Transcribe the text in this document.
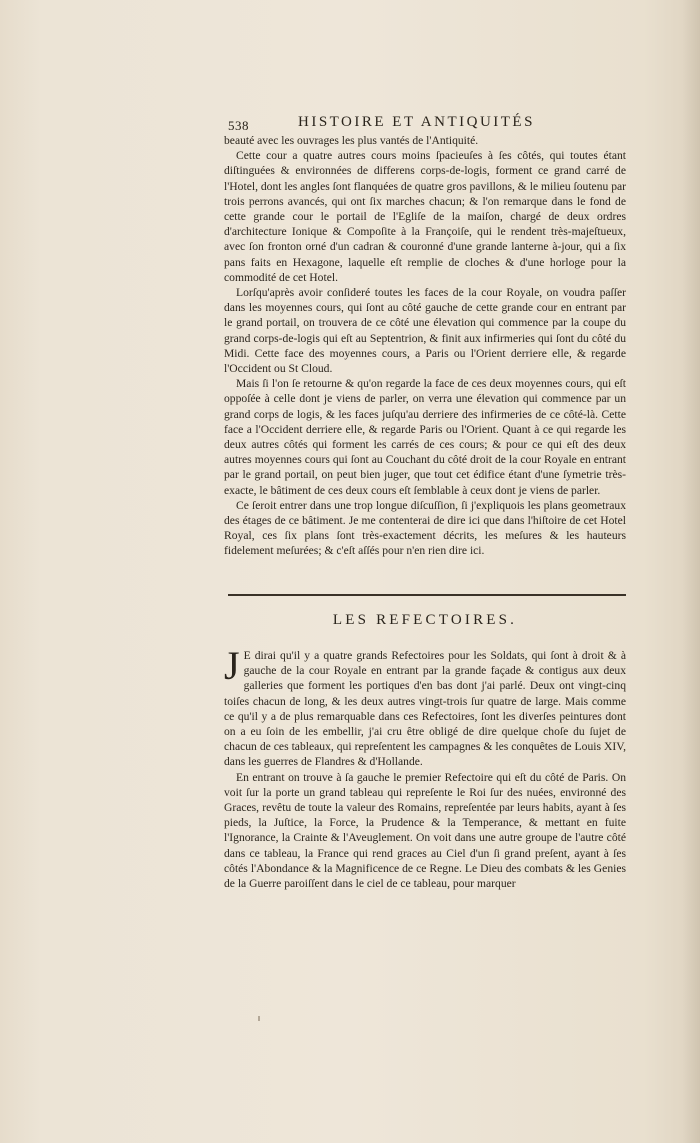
538	HISTOIRE ET ANTIQUITÉS

beauté avec les ouvrages les plus vantés de l'Antiquité.

Cette cour a quatre autres cours moins ſpacieuſes à ſes côtés, qui toutes étant diſtinguées & environnées de differens corps-de-logis, forment ce grand carré de l'Hotel, dont les angles ſont flanquées de quatre gros pavillons, & le milieu ſoutenu par trois perrons avancés, qui ont ſix marches chacun; & l'on remarque dans le fond de cette grande cour le portail de l'Egliſe de la maiſon, chargé de deux ordres d'architecture Ionique & Compoſite à la Françoiſe, qui le rendent très-majeſtueux, avec ſon fronton orné d'un cadran & couronné d'une grande lanterne à-jour, qui a ſix pans faits en Hexagone, laquelle eſt remplie de cloches & d'une horloge pour la commodité de cet Hotel.

Lorſqu'après avoir conſideré toutes les faces de la cour Royale, on voudra paſſer dans les moyennes cours, qui ſont au côté gauche de cette grande cour en entrant par le grand portail, on trouvera de ce côté une élevation qui commence par la coupe du grand corps-de-logis qui eſt au Septentrion, & finit aux infirmeries qui ſont du côté du Midi. Cette face des moyennes cours, a Paris ou l'Orient derriere elle, & regarde l'Occident ou St Cloud.

Mais ſi l'on ſe retourne & qu'on regarde la face de ces deux moyennes cours, qui eſt oppoſée à celle dont je viens de parler, on verra une élevation qui commence par un grand corps de logis, & les faces juſqu'au derriere des infirmeries de ce côté-là. Cette face a l'Occident derriere elle, & regarde Paris ou l'Orient. Quant à ce qui regarde les deux autres côtés qui forment les carrés de ces cours; & pour ce qui eſt des deux autres moyennes cours qui ſont au Couchant du côté droit de la cour Royale en entrant par le grand portail, on peut bien juger, que tout cet édifice étant d'une ſymetrie très-exacte, le bâtiment de ces deux cours eſt ſemblable à ceux dont je viens de parler.

Ce ſeroit entrer dans une trop longue diſcuſſion, ſi j'expliquois les plans geometraux des étages de ce bâtiment. Je me contenterai de dire ici que dans l'hiſtoire de cet Hotel Royal, ces ſix plans ſont très-exactement décrits, les meſures & les hauteurs fidelement meſurées; & c'eſt aſſés pour n'en rien dire ici.

LES REFECTOIRES.

J E dirai qu'il y a quatre grands Refectoires pour les Soldats, qui ſont à droit & à gauche de la cour Royale en entrant par la grande façade & contigus aux deux galleries que forment les portiques d'en bas dont j'ai parlé. Deux ont vingt-cinq toiſes chacun de long, & les deux autres vingt-trois ſur quatre de large. Mais comme ce qu'il y a de plus remarquable dans ces Refectoires, ſont les diverſes peintures dont on a eu ſoin de les embellir, j'ai cru être obligé de dire quelque choſe du ſujet de chacun de ces tableaux, qui repreſentent les campagnes & les conquêtes de Louis XIV, dans les guerres de Flandres & d'Hollande.

En entrant on trouve à ſa gauche le premier Refectoire qui eſt du côté de Paris. On voit ſur la porte un grand tableau qui repreſente le Roi ſur des nuées, environné des Graces, revêtu de toute la valeur des Romains, repreſentée par leurs habits, ayant à ſes pieds, la Juſtice, la Force, la Prudence & la Temperance, & mettant en fuite l'Ignorance, la Crainte & l'Aveuglement. On voit dans une autre groupe de l'autre côté dans ce tableau, la France qui rend graces au Ciel d'un ſi grand preſent, ayant à ſes côtés l'Abondance & la Magnificence de ce Regne. Le Dieu des combats & les Genies de la Guerre paroiſſent dans le ciel de ce tableau, pour marquer
